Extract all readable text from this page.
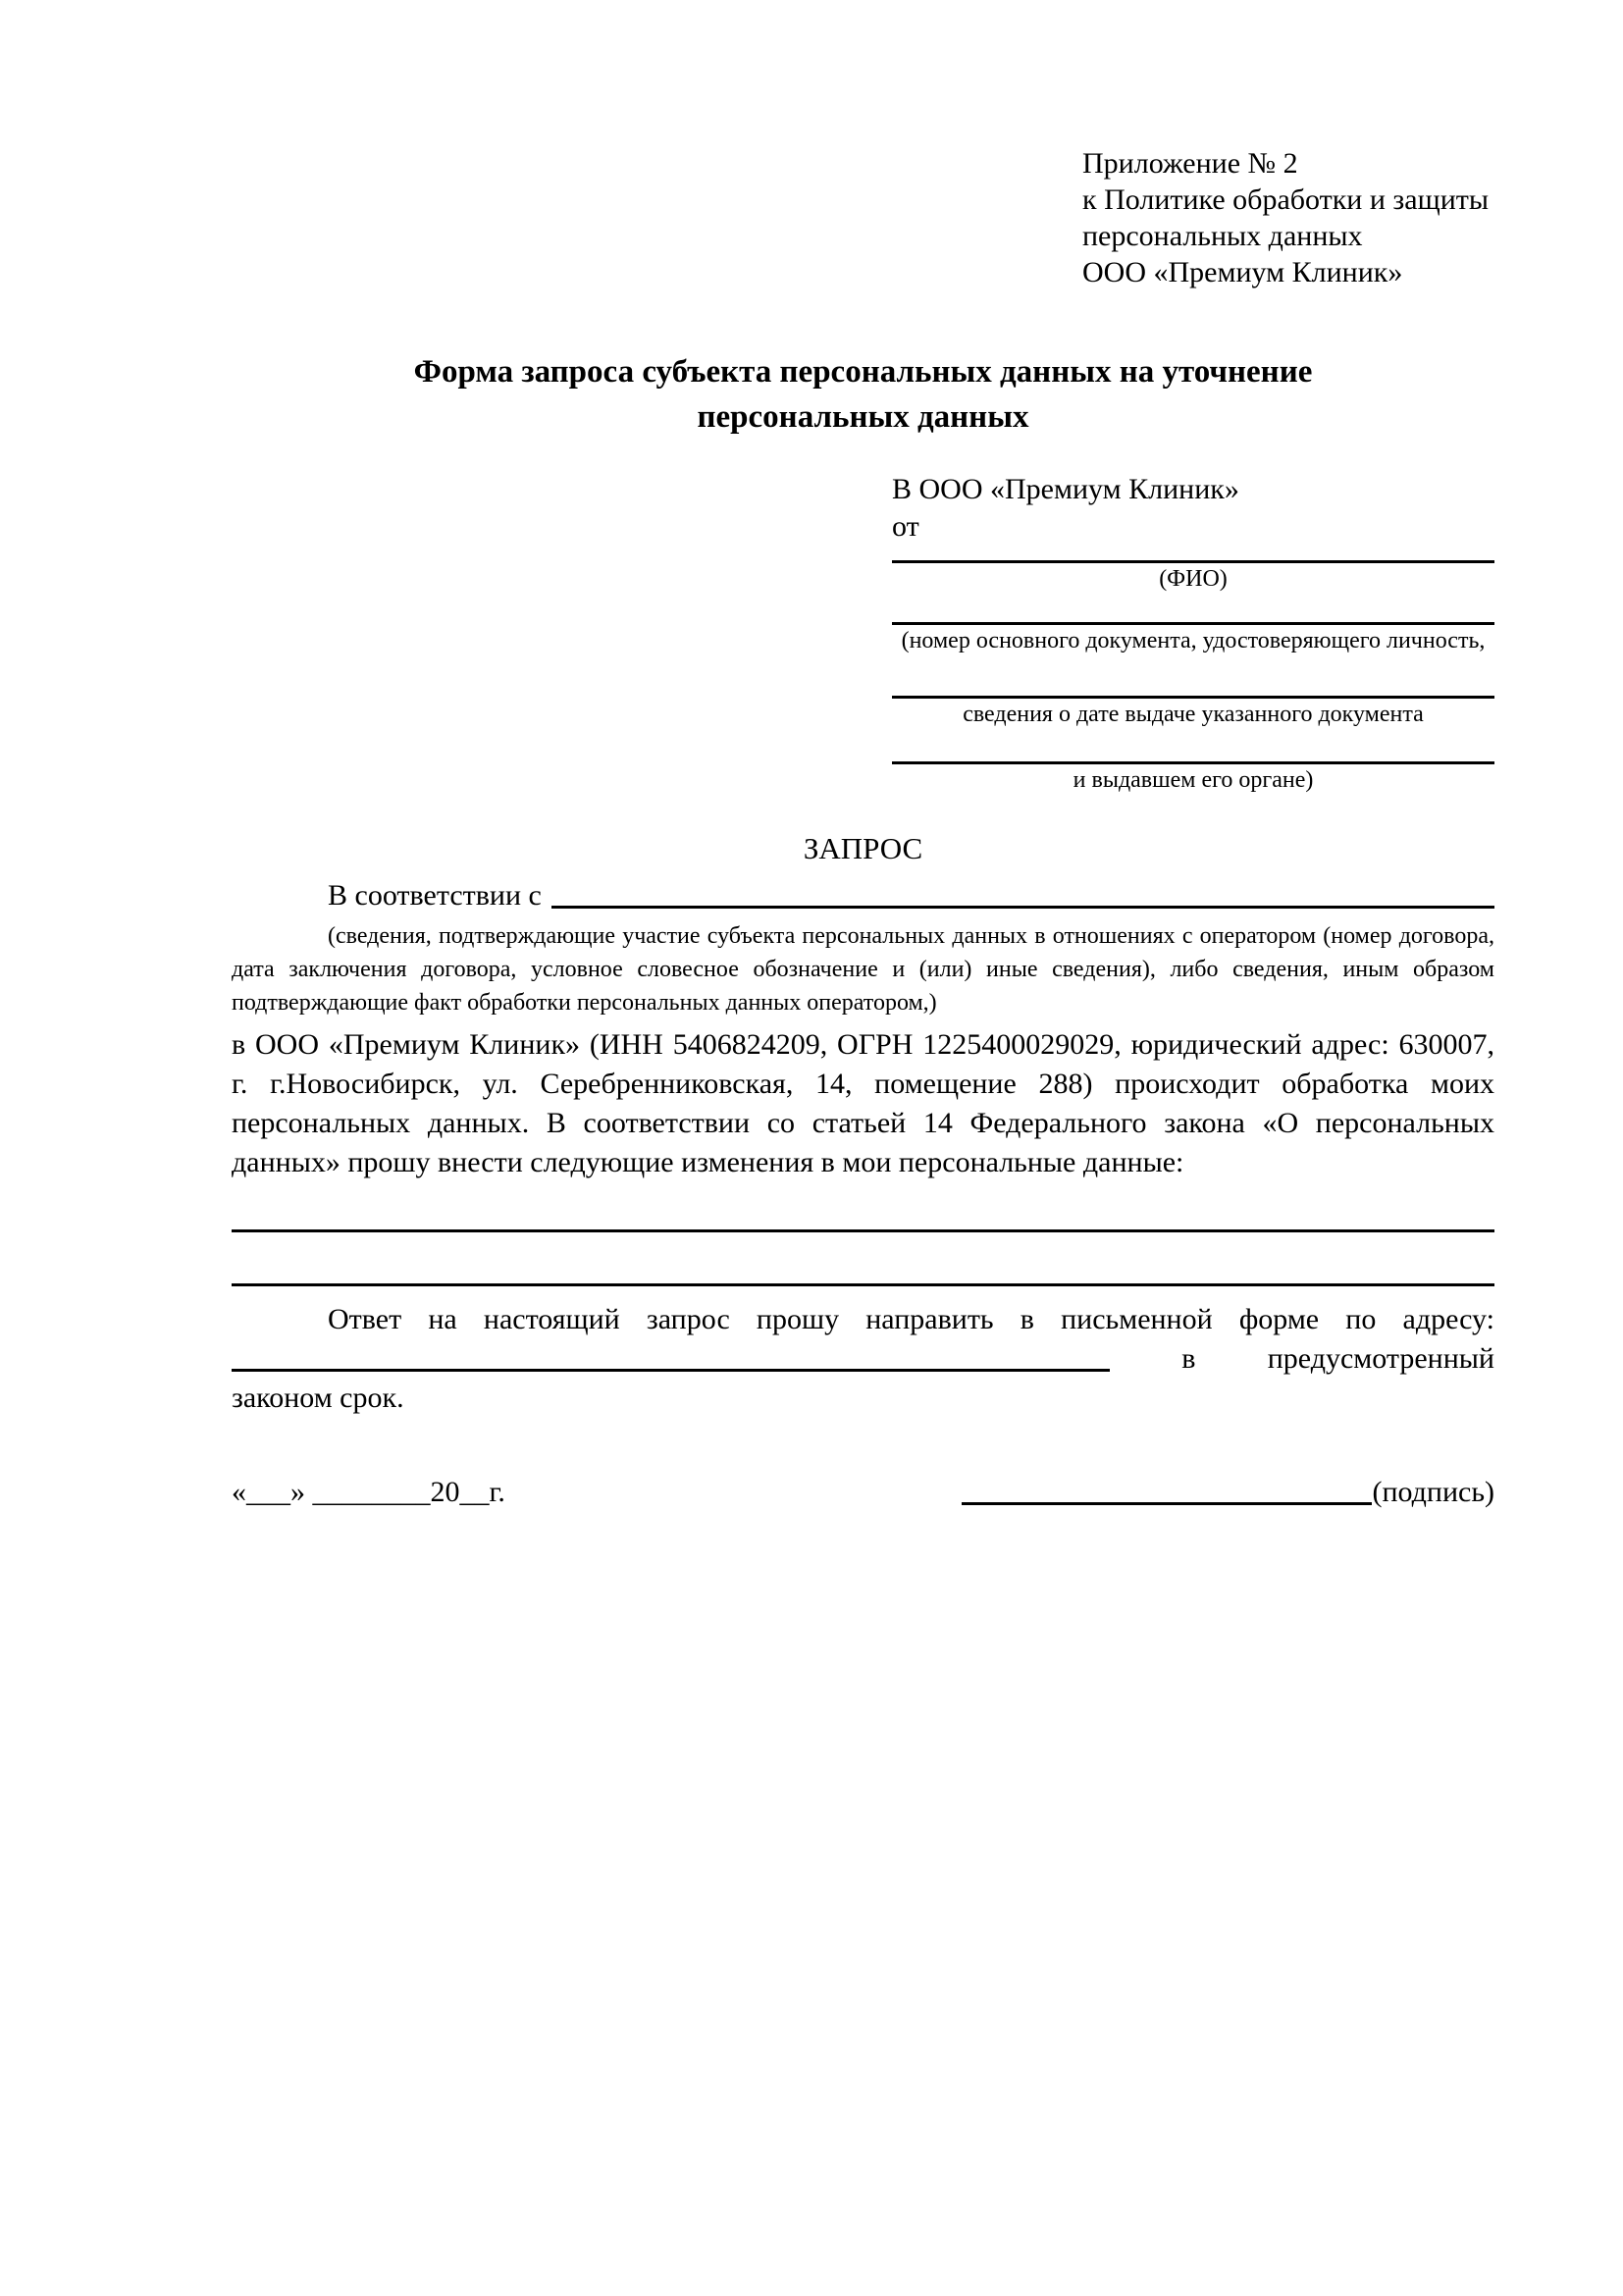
Приложение № 2
к Политике обработки и защиты
персональных данных
ООО «Премиум Клиник»
Форма запроса субъекта персональных данных на уточнение персональных данных
В ООО «Премиум Клиник»
от
(ФИО)
(номер основного документа, удостоверяющего личность,
сведения о дате выдаче указанного документа
и выдавшем его органе)
ЗАПРОС
В соответствии с
(сведения, подтверждающие участие субъекта персональных данных в отношениях с оператором (номер договора, дата заключения договора, условное словесное обозначение и (или) иные сведения), либо сведения, иным образом подтверждающие факт обработки персональных данных оператором,)
в ООО «Премиум Клиник» (ИНН 5406824209, ОГРН 1225400029029, юридический адрес: 630007, г. г.Новосибирск, ул. Серебренниковская, 14, помещение 288) происходит обработка моих персональных данных. В соответствии со статьей 14 Федерального закона «О персональных данных» прошу внести следующие изменения в мои персональные данные:
Ответ на настоящий запрос прошу направить в письменной форме по адресу:
в предусмотренный
законом срок.
«___» ________20__г.	(подпись)
